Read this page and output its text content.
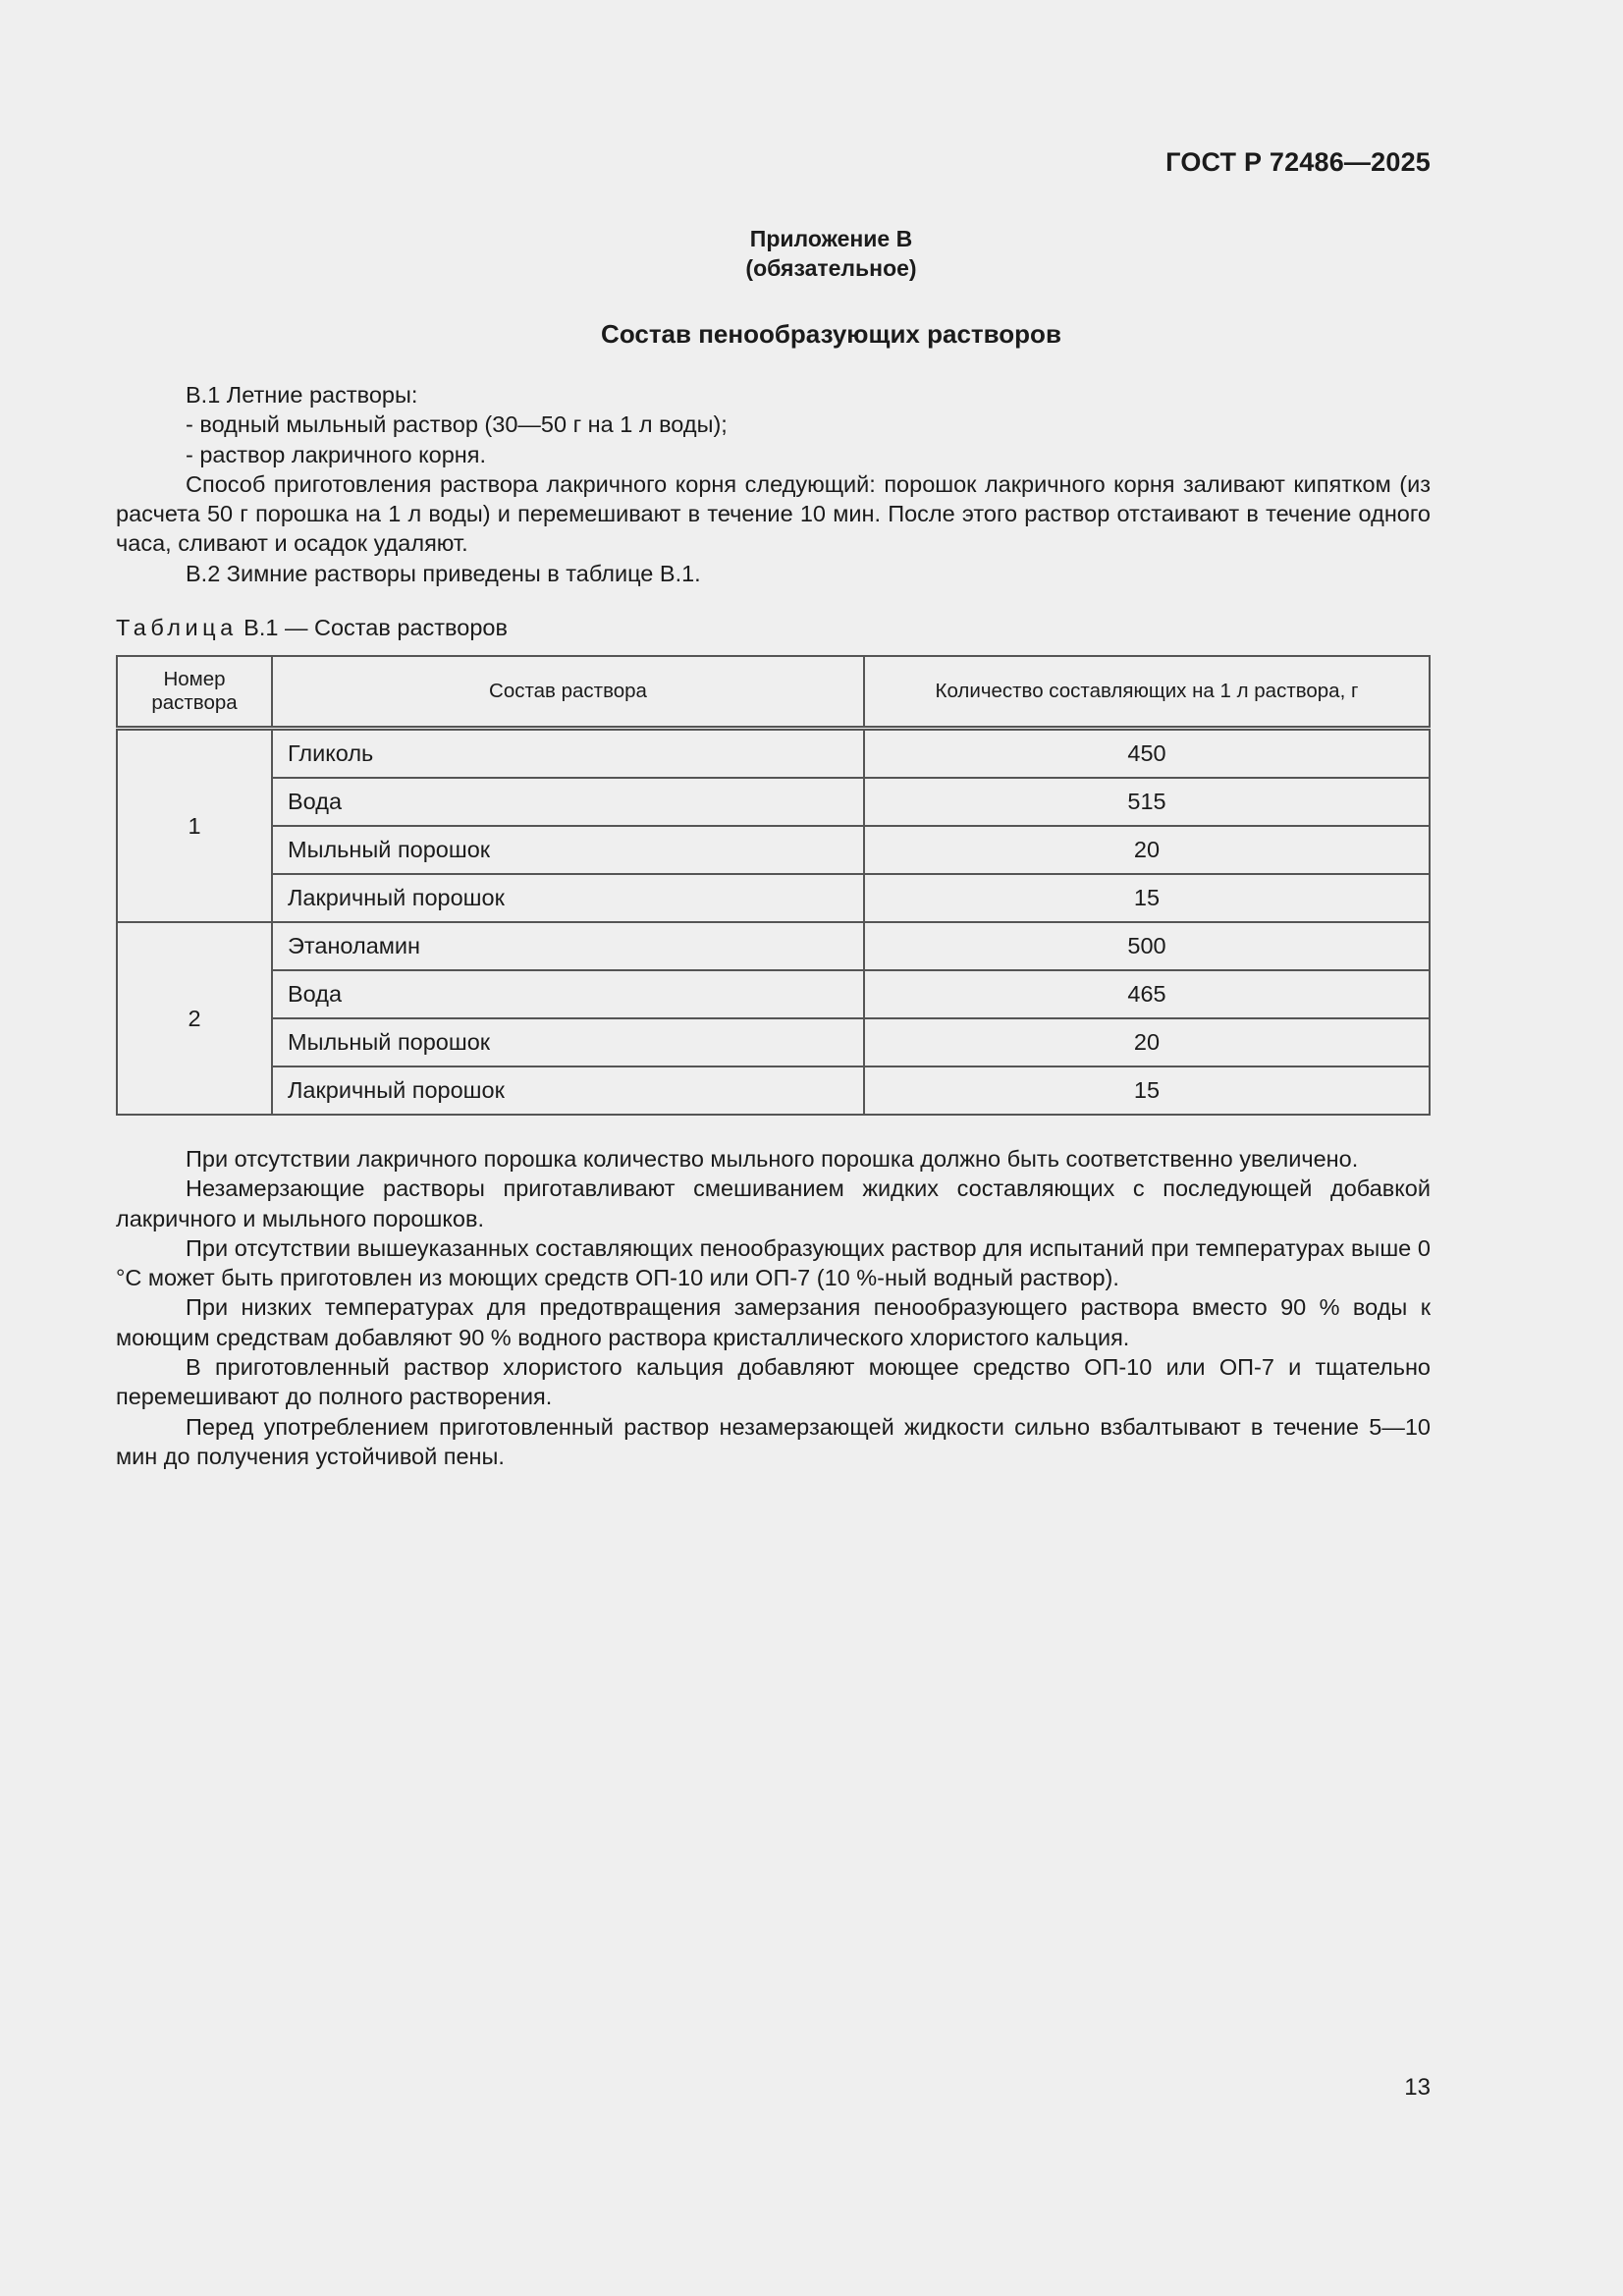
ГОСТ Р 72486—2025
Приложение В
(обязательное)
Состав пенообразующих растворов

В.1 Летние растворы:

- водный мыльный раствор (30—50 г на 1 л воды);

- раствор лакричного корня.

Способ приготовления раствора лакричного корня следующий: порошок лакричного корня заливают кипятком (из расчета 50 г порошка на 1 л воды) и перемешивают в течение 10 мин. После этого раствор отстаивают в течение одного часа, сливают и осадок удаляют.

В.2 Зимние растворы приведены в таблице В.1.

Таблица В.1 — Состав растворов
Номер раствора	Состав раствора	Количество составляющих на 1 л раствора, г
1	Гликоль	450
	Вода	515
	Мыльный порошок	20
	Лакричный порошок	15
2	Этаноламин	500
	Вода	465
	Мыльный порошок	20
	Лакричный порошок	15

При отсутствии лакричного порошка количество мыльного порошка должно быть соответственно увеличено.

Незамерзающие растворы приготавливают смешиванием жидких составляющих с последующей добавкой лакричного и мыльного порошков.

При отсутствии вышеуказанных составляющих пенообразующих раствор для испытаний при температурах выше 0 °С может быть приготовлен из моющих средств ОП-10 или ОП-7 (10 %-ный водный раствор).

При низких температурах для предотвращения замерзания пенообразующего раствора вместо 90 % воды к моющим средствам добавляют 90 % водного раствора кристаллического хлористого кальция.

В приготовленный раствор хлористого кальция добавляют моющее средство ОП-10 или ОП-7 и тщательно перемешивают до полного растворения.

Перед употреблением приготовленный раствор незамерзающей жидкости сильно взбалтывают в течение 5—10 мин до получения устойчивой пены.

13
